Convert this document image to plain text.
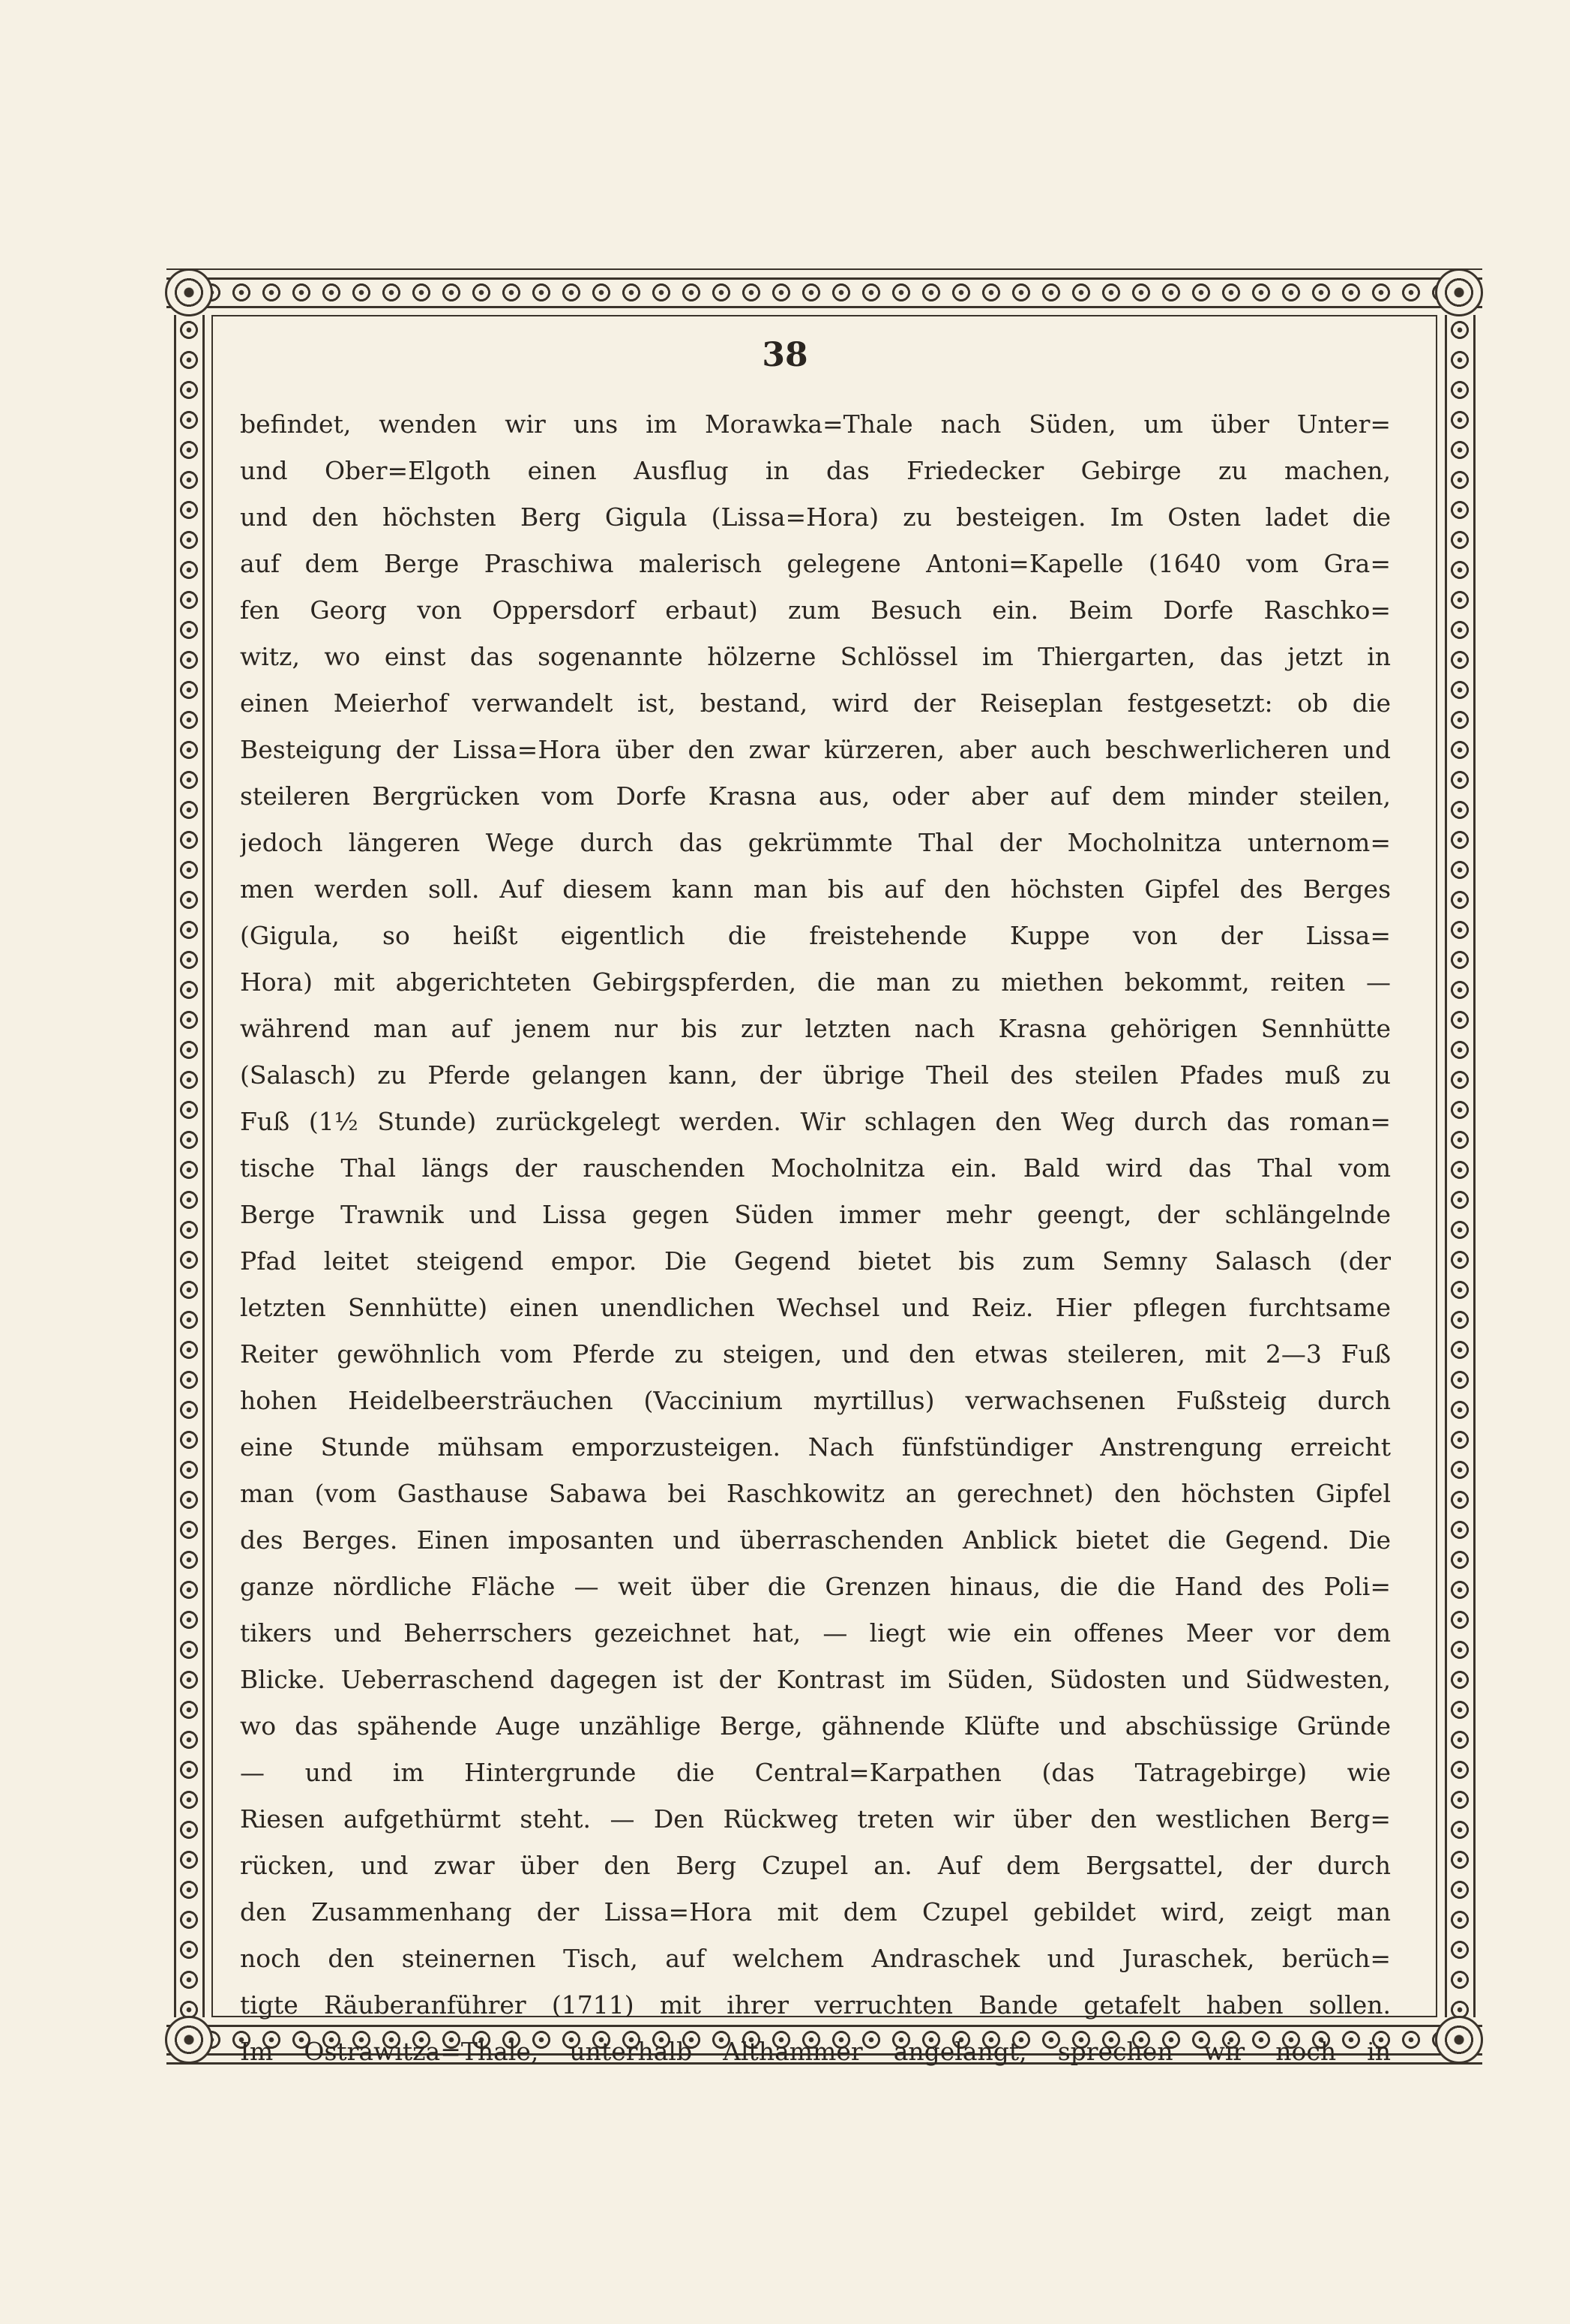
38
befindet, wenden wir uns im Morawka=Thale nach Süden, um über Unter=
und Ober=Elgoth einen Ausflug in das Friedecker Gebirge zu machen,
und den höchsten Berg Gigula (Lissa=Hora) zu besteigen. Im Osten ladet die
auf dem Berge Praschiwa malerisch gelegene Antoni=Kapelle (1640 vom Gra=
fen Georg von Oppersdorf erbaut) zum Besuch ein. Beim Dorfe Raschko=
witz, wo einst das sogenannte hölzerne Schlössel im Thiergarten, das jetzt in
einen Meierhof verwandelt ist, bestand, wird der Reiseplan festgesetzt: ob die
Besteigung der Lissa=Hora über den zwar kürzeren, aber auch beschwerlicheren und
steileren Bergrücken vom Dorfe Krasna aus, oder aber auf dem minder steilen,
jedoch längeren Wege durch das gekrümmte Thal der Mocholnitza unternom=
men werden soll. Auf diesem kann man bis auf den höchsten Gipfel des Berges
(Gigula, so heißt eigentlich die freistehende Kuppe von der Lissa=
Hora) mit abgerichteten Gebirgspferden, die man zu miethen bekommt, reiten —
während man auf jenem nur bis zur letzten nach Krasna gehörigen Sennhütte
(Salasch) zu Pferde gelangen kann, der übrige Theil des steilen Pfades muß zu
Fuß (1½ Stunde) zurückgelegt werden. Wir schlagen den Weg durch das roman=
tische Thal längs der rauschenden Mocholnitza ein. Bald wird das Thal vom
Berge Trawnik und Lissa gegen Süden immer mehr geengt, der schlängelnde
Pfad leitet steigend empor. Die Gegend bietet bis zum Semny Salasch (der
letzten Sennhütte) einen unendlichen Wechsel und Reiz. Hier pflegen furchtsame
Reiter gewöhnlich vom Pferde zu steigen, und den etwas steileren, mit 2—3 Fuß
hohen Heidelbeersträuchen (Vaccinium myrtillus) verwachsenen Fußsteig durch
eine Stunde mühsam emporzusteigen. Nach fünfstündiger Anstrengung erreicht
man (vom Gasthause Sabawa bei Raschkowitz an gerechnet) den höchsten Gipfel
des Berges. Einen imposanten und überraschenden Anblick bietet die Gegend. Die
ganze nördliche Fläche — weit über die Grenzen hinaus, die die Hand des Poli=
tikers und Beherrschers gezeichnet hat, — liegt wie ein offenes Meer vor dem
Blicke. Ueberraschend dagegen ist der Kontrast im Süden, Südosten und Südwesten,
wo das spähende Auge unzählige Berge, gähnende Klüfte und abschüssige Gründe
— und im Hintergrunde die Central=Karpathen (das Tatragebirge) wie
Riesen aufgethürmt steht. — Den Rückweg treten wir über den westlichen Berg=
rücken, und zwar über den Berg Czupel an. Auf dem Bergsattel, der durch
den Zusammenhang der Lissa=Hora mit dem Czupel gebildet wird, zeigt man
noch den steinernen Tisch, auf welchem Andraschek und Juraschek, berüch=
tigte Räuberanführer (1711) mit ihrer verruchten Bande getafelt haben sollen.
Im Ostrawitza=Thale, unterhalb Althammer angelangt, sprechen wir noch in
